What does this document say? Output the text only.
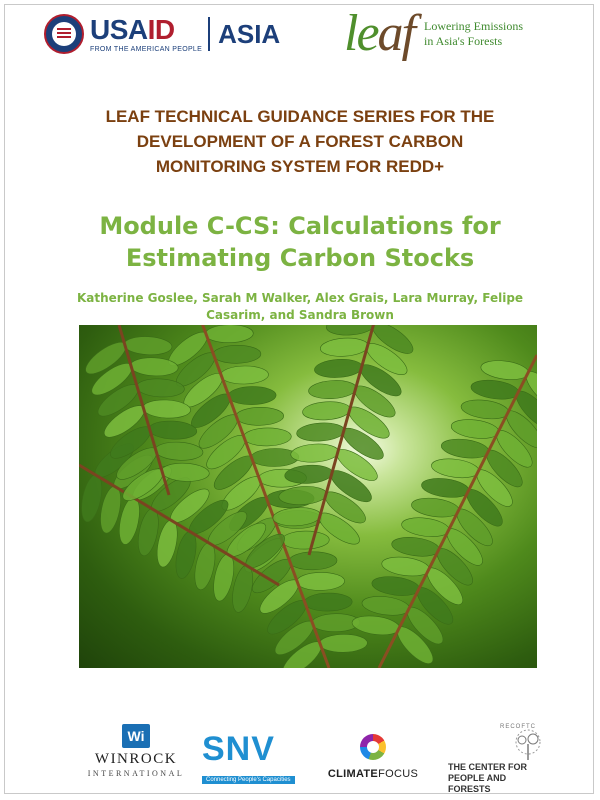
USAID
FROM THE AMERICAN PEOPLE
ASIA leaf Lowering Emissions
in Asia's Forests
LEAF TECHNICAL GUIDANCE SERIES FOR THE
DEVELOPMENT OF A FOREST CARBON
MONITORING SYSTEM FOR REDD+
Module C-CS: Calculations for
Estimating Carbon Stocks
Katherine Goslee, Sarah M Walker, Alex Grais, Lara Murray, Felipe
Casarim, and Sandra Brown
Wi
WINROCK
INTERNATIONAL
SNV
Connecting People's Capacities	CLIMATEFOCUS
RECOFTC
THE CENTER FOR
PEOPLE AND FORESTS
